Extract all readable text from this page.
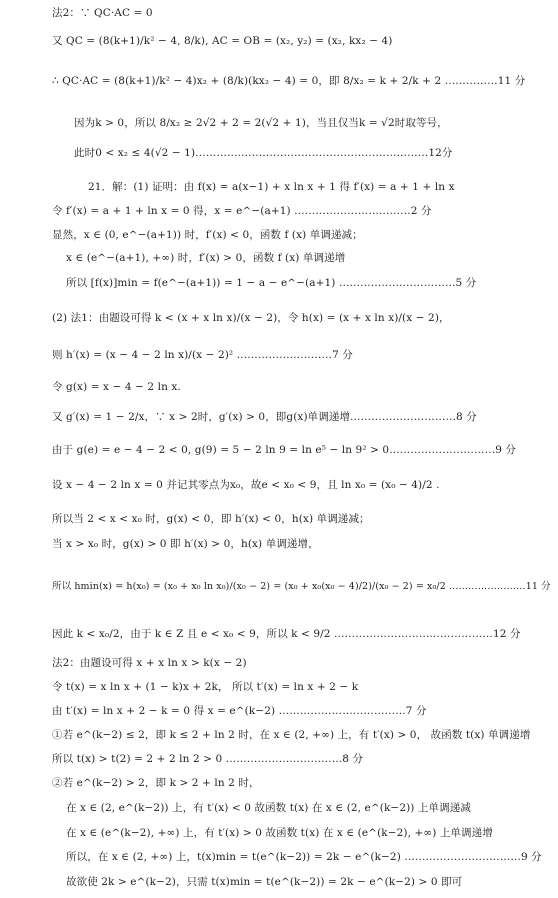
法2：∵ QC·AC = 0
又 QC = (8(k+1)/k² − 4, 8/k), AC = OB = (x₂, y₂) = (x₂, kx₂ − 4)
∴ QC·AC = (8(k+1)/k² − 4)x₂ + (8/k)(kx₂ − 4) = 0，即 8/x₂ = k + 2/k + 2 ……………11 分
因为k > 0，所以 8/x₂ ≥ 2√2 + 2 = 2(√2 + 1)，当且仅当k = √2时取等号，
此时0 < x₂ ≤ 4(√2 − 1)…………………………………………………………12分
21．解：(1) 证明：由 f(x) = a(x−1) + x ln x + 1 得 f′(x) = a + 1 + ln x
令 f′(x) = a + 1 + ln x = 0 得，x = e^−(a+1) ……………………………2 分
显然，x ∈ (0, e^−(a+1)) 时，f′(x) < 0，函数 f (x) 单调递减；
x ∈ (e^−(a+1), +∞) 时，f′(x) > 0，函数 f (x) 单调递增
所以 [f(x)]min = f(e^−(a+1)) = 1 − a − e^−(a+1) ……………………………5 分
(2) 法1：由题设可得 k < (x + x ln x)/(x − 2)，令 h(x) = (x + x ln x)/(x − 2)，
则 h′(x) = (x − 4 − 2 ln x)/(x − 2)² ………………………7 分
令 g(x) = x − 4 − 2 ln x.
又 g′(x) = 1 − 2/x，∵ x > 2时，g′(x) > 0，即g(x)单调递增…………………………8 分
由于 g(e) = e − 4 − 2 < 0, g(9) = 5 − 2 ln 9 = ln e⁵ − ln 9² > 0…………………………9 分
设 x − 4 − 2 ln x = 0 并记其零点为x₀，故e < x₀ < 9，且 ln x₀ = (x₀ − 4)/2 .
所以当 2 < x < x₀ 时，g(x) < 0，即 h′(x) < 0，h(x) 单调递减；
当 x > x₀ 时，g(x) > 0 即 h′(x) > 0，h(x) 单调递增，
所以 hmin(x) = h(x₀) = (x₀ + x₀ ln x₀)/(x₀ − 2) = (x₀ + x₀(x₀ − 4)/2)/(x₀ − 2) = x₀/2 ……………………11 分
因此 k < x₀/2，由于 k ∈ Z 且 e < x₀ < 9，所以 k < 9/2 ………………………………………12 分
法2：由题设可得 x + x ln x > k(x − 2)
令 t(x) = x ln x + (1 − k)x + 2k， 所以 t′(x) = ln x + 2 − k
由 t′(x) = ln x + 2 − k = 0 得 x = e^(k−2) ………………………………7 分
①若 e^(k−2) ≤ 2，即 k ≤ 2 + ln 2 时，在 x ∈ (2, +∞) 上，有 t′(x) > 0， 故函数 t(x) 单调递增
所以 t(x) > t(2) = 2 + 2 ln 2 > 0 ……………………………8 分
②若 e^(k−2) > 2，即 k > 2 + ln 2 时，
在 x ∈ (2, e^(k−2)) 上，有 t′(x) < 0 故函数 t(x) 在 x ∈ (2, e^(k−2)) 上单调递减
在 x ∈ (e^(k−2), +∞) 上，有 t′(x) > 0 故函数 t(x) 在 x ∈ (e^(k−2), +∞) 上单调递增
所以，在 x ∈ (2, +∞) 上，t(x)min = t(e^(k−2)) = 2k − e^(k−2) ……………………………9 分
故欲使 2k > e^(k−2)，只需 t(x)min = t(e^(k−2)) = 2k − e^(k−2) > 0 即可
